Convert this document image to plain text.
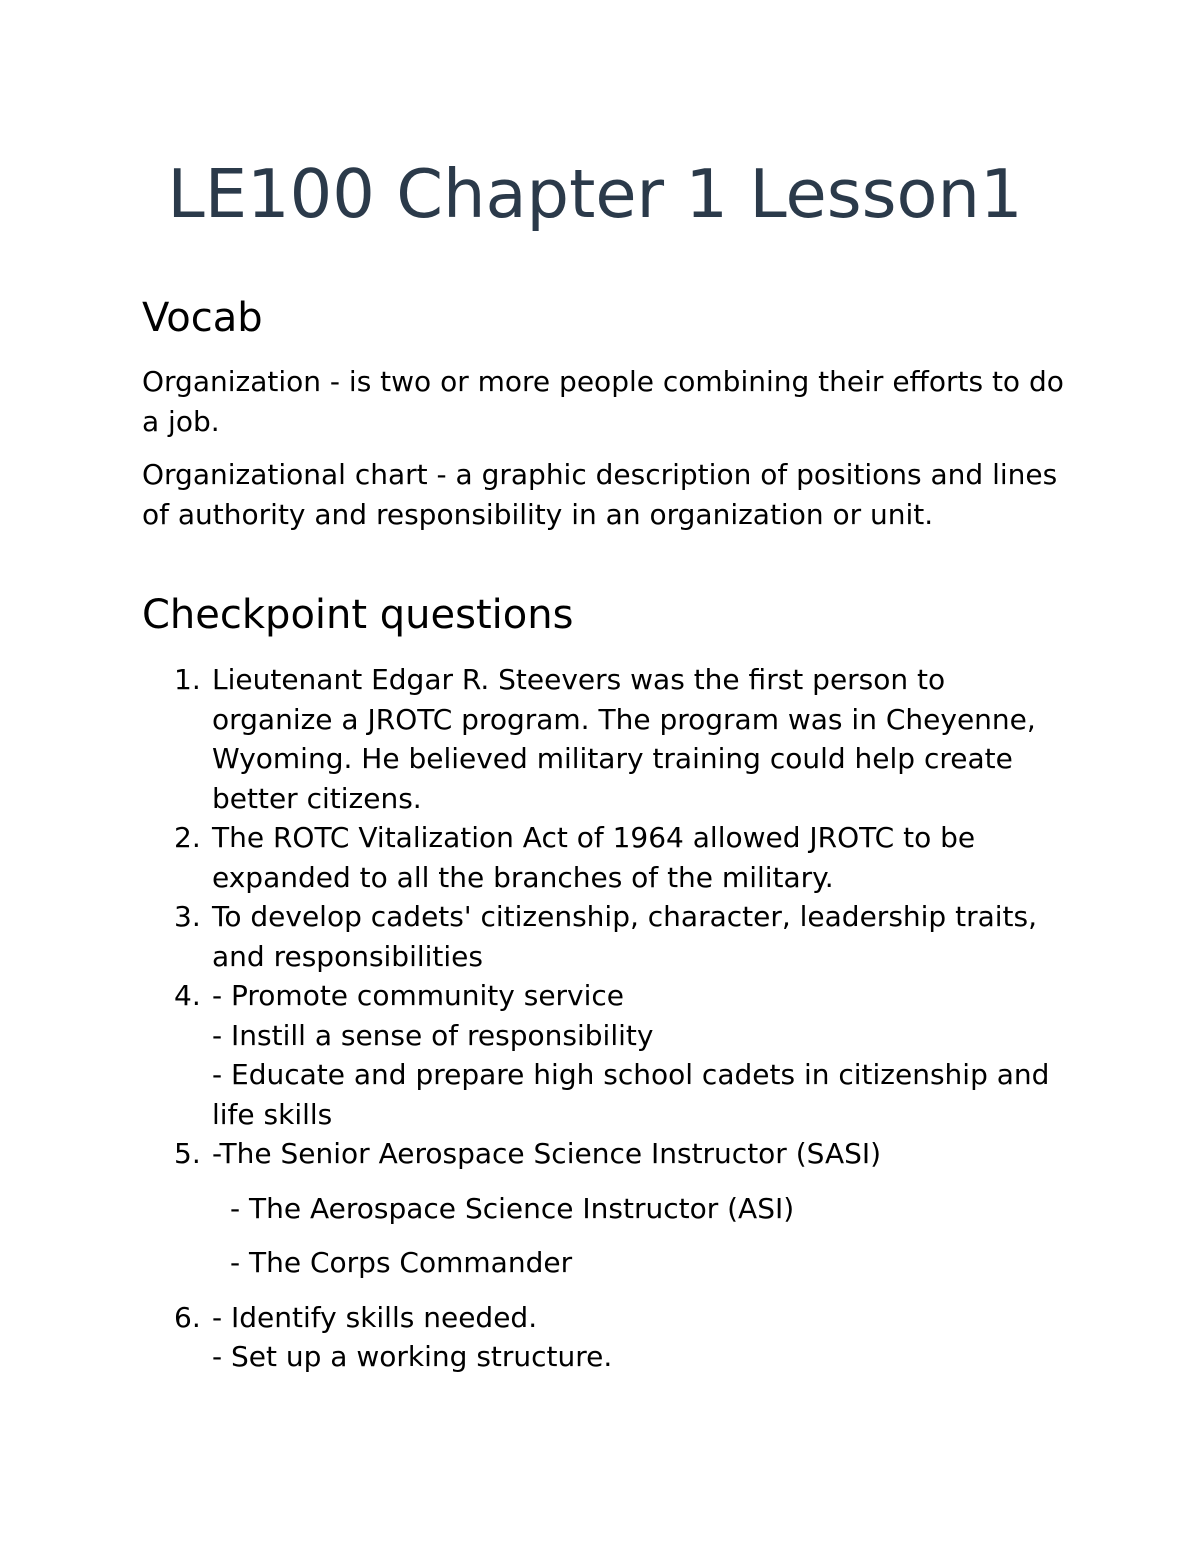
LE100 Chapter 1 Lesson1
Vocab

Organization - is two or more people combining their efforts to do a job.

Organizational chart - a graphic description of positions and lines of authority and responsibility in an organization or unit.

Checkpoint questions
1. Lieutenant Edgar R. Steevers was the first person to organize a JROTC program. The program was in Cheyenne, Wyoming. He believed military training could help create better citizens.
2. The ROTC Vitalization Act of 1964 allowed JROTC to be expanded to all the branches of the military.
3. To develop cadets' citizenship, character, leadership traits, and responsibilities
4. - Promote community service
- Instill a sense of responsibility
- Educate and prepare high school cadets in citizenship and life skills
5. -The Senior Aerospace Science Instructor (SASI)
- The Aerospace Science Instructor (ASI)
- The Corps Commander
6. - Identify skills needed.
- Set up a working structure.
